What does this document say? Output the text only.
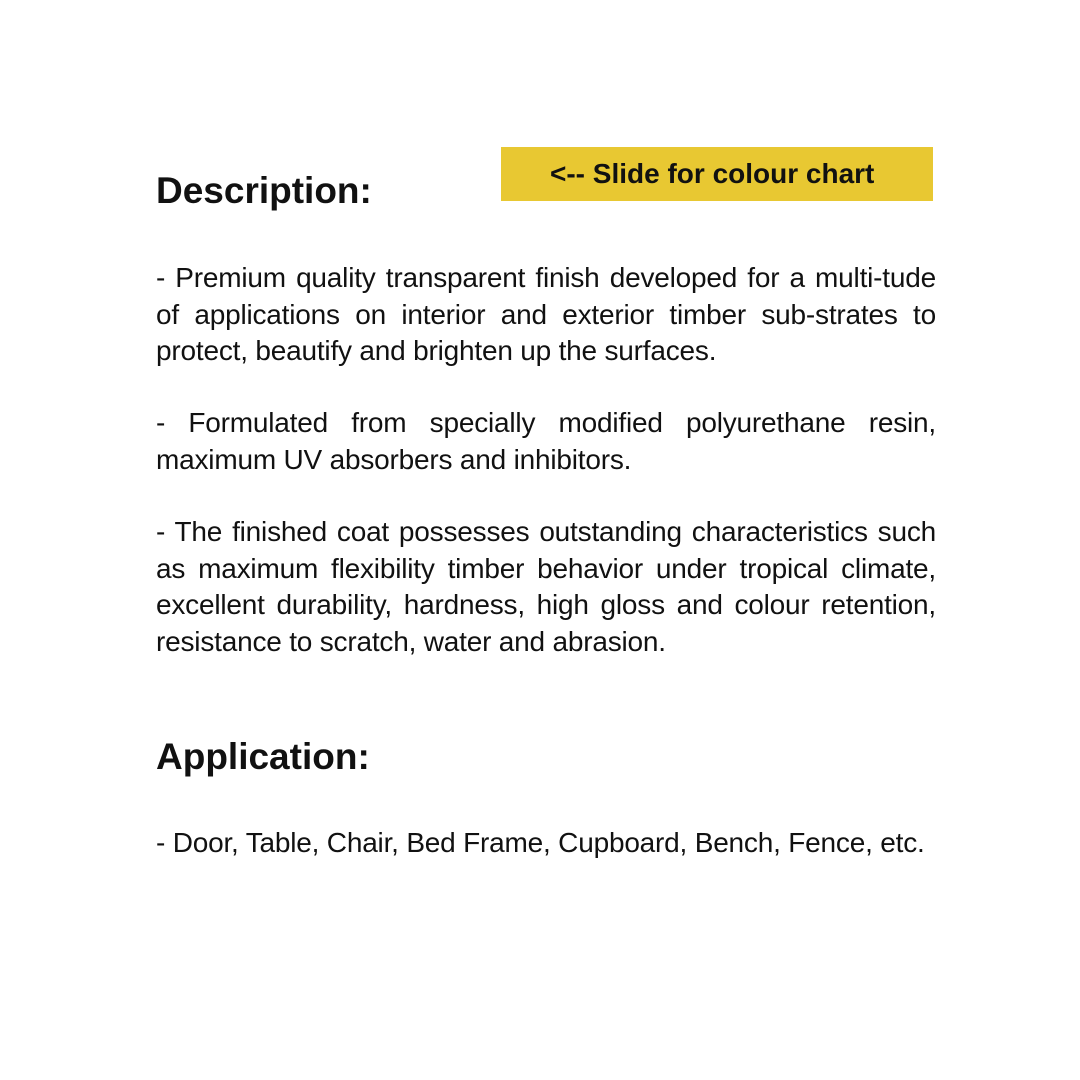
<-- Slide for colour chart
Description:

- Premium quality transparent finish developed for a multi-tude of applications on interior and exterior timber sub-strates to protect, beautify and brighten up the surfaces.

- Formulated from specially modified polyurethane resin, maximum UV absorbers and inhibitors.

- The finished coat possesses outstanding characteristics such as maximum flexibility timber behavior under tropical climate, excellent durability, hardness, high gloss and colour retention, resistance to scratch, water and abrasion.

Application:

- Door, Table, Chair, Bed Frame, Cupboard, Bench, Fence, etc.
